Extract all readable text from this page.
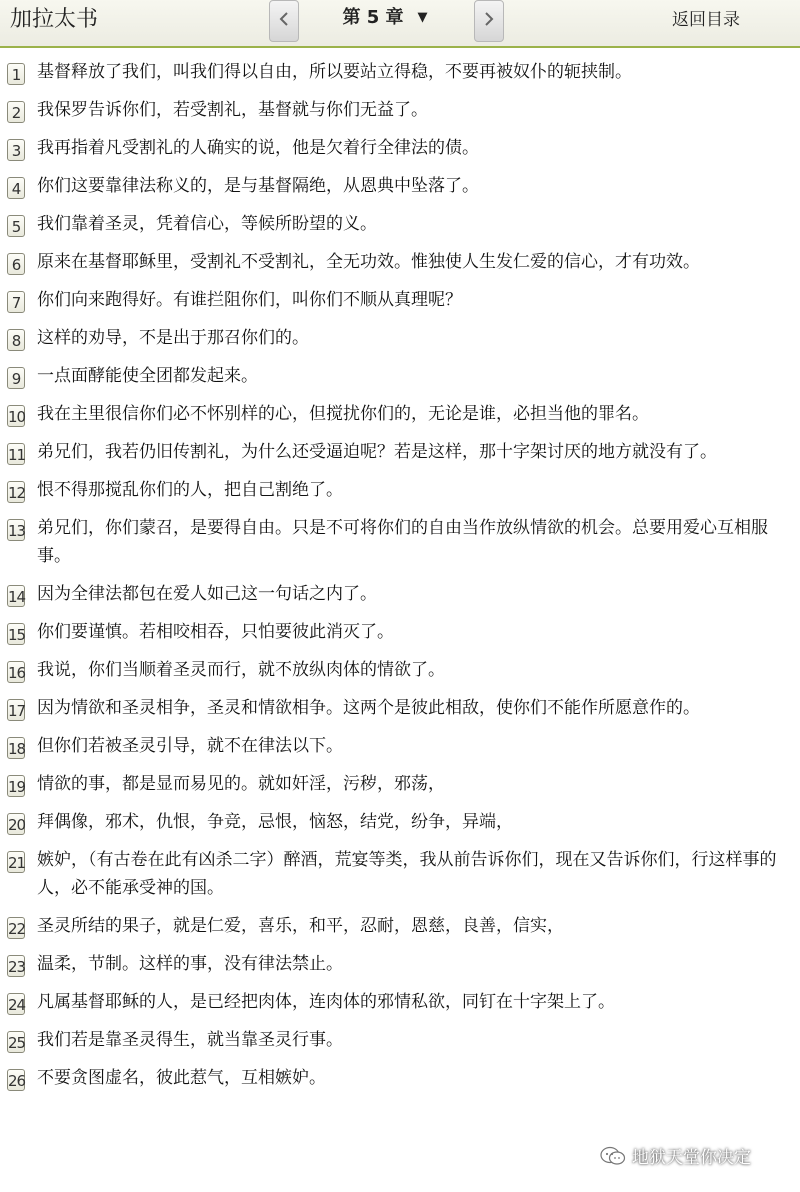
加拉太书	第 5 章 ▼	返回目录
1 基督释放了我们，叫我们得以自由，所以要站立得稳，不要再被奴仆的轭挟制。
2 我保罗告诉你们，若受割礼，基督就与你们无益了。
3 我再指着凡受割礼的人确实的说，他是欠着行全律法的债。
4 你们这要靠律法称义的，是与基督隔绝，从恩典中坠落了。
5 我们靠着圣灵，凭着信心，等候所盼望的义。
6 原来在基督耶稣里，受割礼不受割礼，全无功效。惟独使人生发仁爱的信心，才有功效。
7 你们向来跑得好。有谁拦阻你们，叫你们不顺从真理呢？
8 这样的劝导，不是出于那召你们的。
9 一点面酵能使全团都发起来。
10 我在主里很信你们必不怀别样的心，但搅扰你们的，无论是谁，必担当他的罪名。
11 弟兄们，我若仍旧传割礼，为什么还受逼迫呢？若是这样，那十字架讨厌的地方就没有了。
12 恨不得那搅乱你们的人，把自己割绝了。
13 弟兄们，你们蒙召，是要得自由。只是不可将你们的自由当作放纵情欲的机会。总要用爱心互相服事。
14 因为全律法都包在爱人如己这一句话之内了。
15 你们要谨慎。若相咬相吞，只怕要彼此消灭了。
16 我说，你们当顺着圣灵而行，就不放纵肉体的情欲了。
17 因为情欲和圣灵相争，圣灵和情欲相争。这两个是彼此相敌，使你们不能作所愿意作的。
18 但你们若被圣灵引导，就不在律法以下。
19 情欲的事，都是显而易见的。就如奸淫，污秽，邪荡，
20 拜偶像，邪术，仇恨，争竞，忌恨，恼怒，结党，纷争，异端，
21 嫉妒，（有古卷在此有凶杀二字）醉酒，荒宴等类，我从前告诉你们，现在又告诉你们，行这样事的人，必不能承受神的国。
22 圣灵所结的果子，就是仁爱，喜乐，和平，忍耐，恩慈，良善，信实，
23 温柔，节制。这样的事，没有律法禁止。
24 凡属基督耶稣的人，是已经把肉体，连肉体的邪情私欲，同钉在十字架上了。
25 我们若是靠圣灵得生，就当靠圣灵行事。
26 不要贪图虚名，彼此惹气，互相嫉妒。
地狱天堂你决定
